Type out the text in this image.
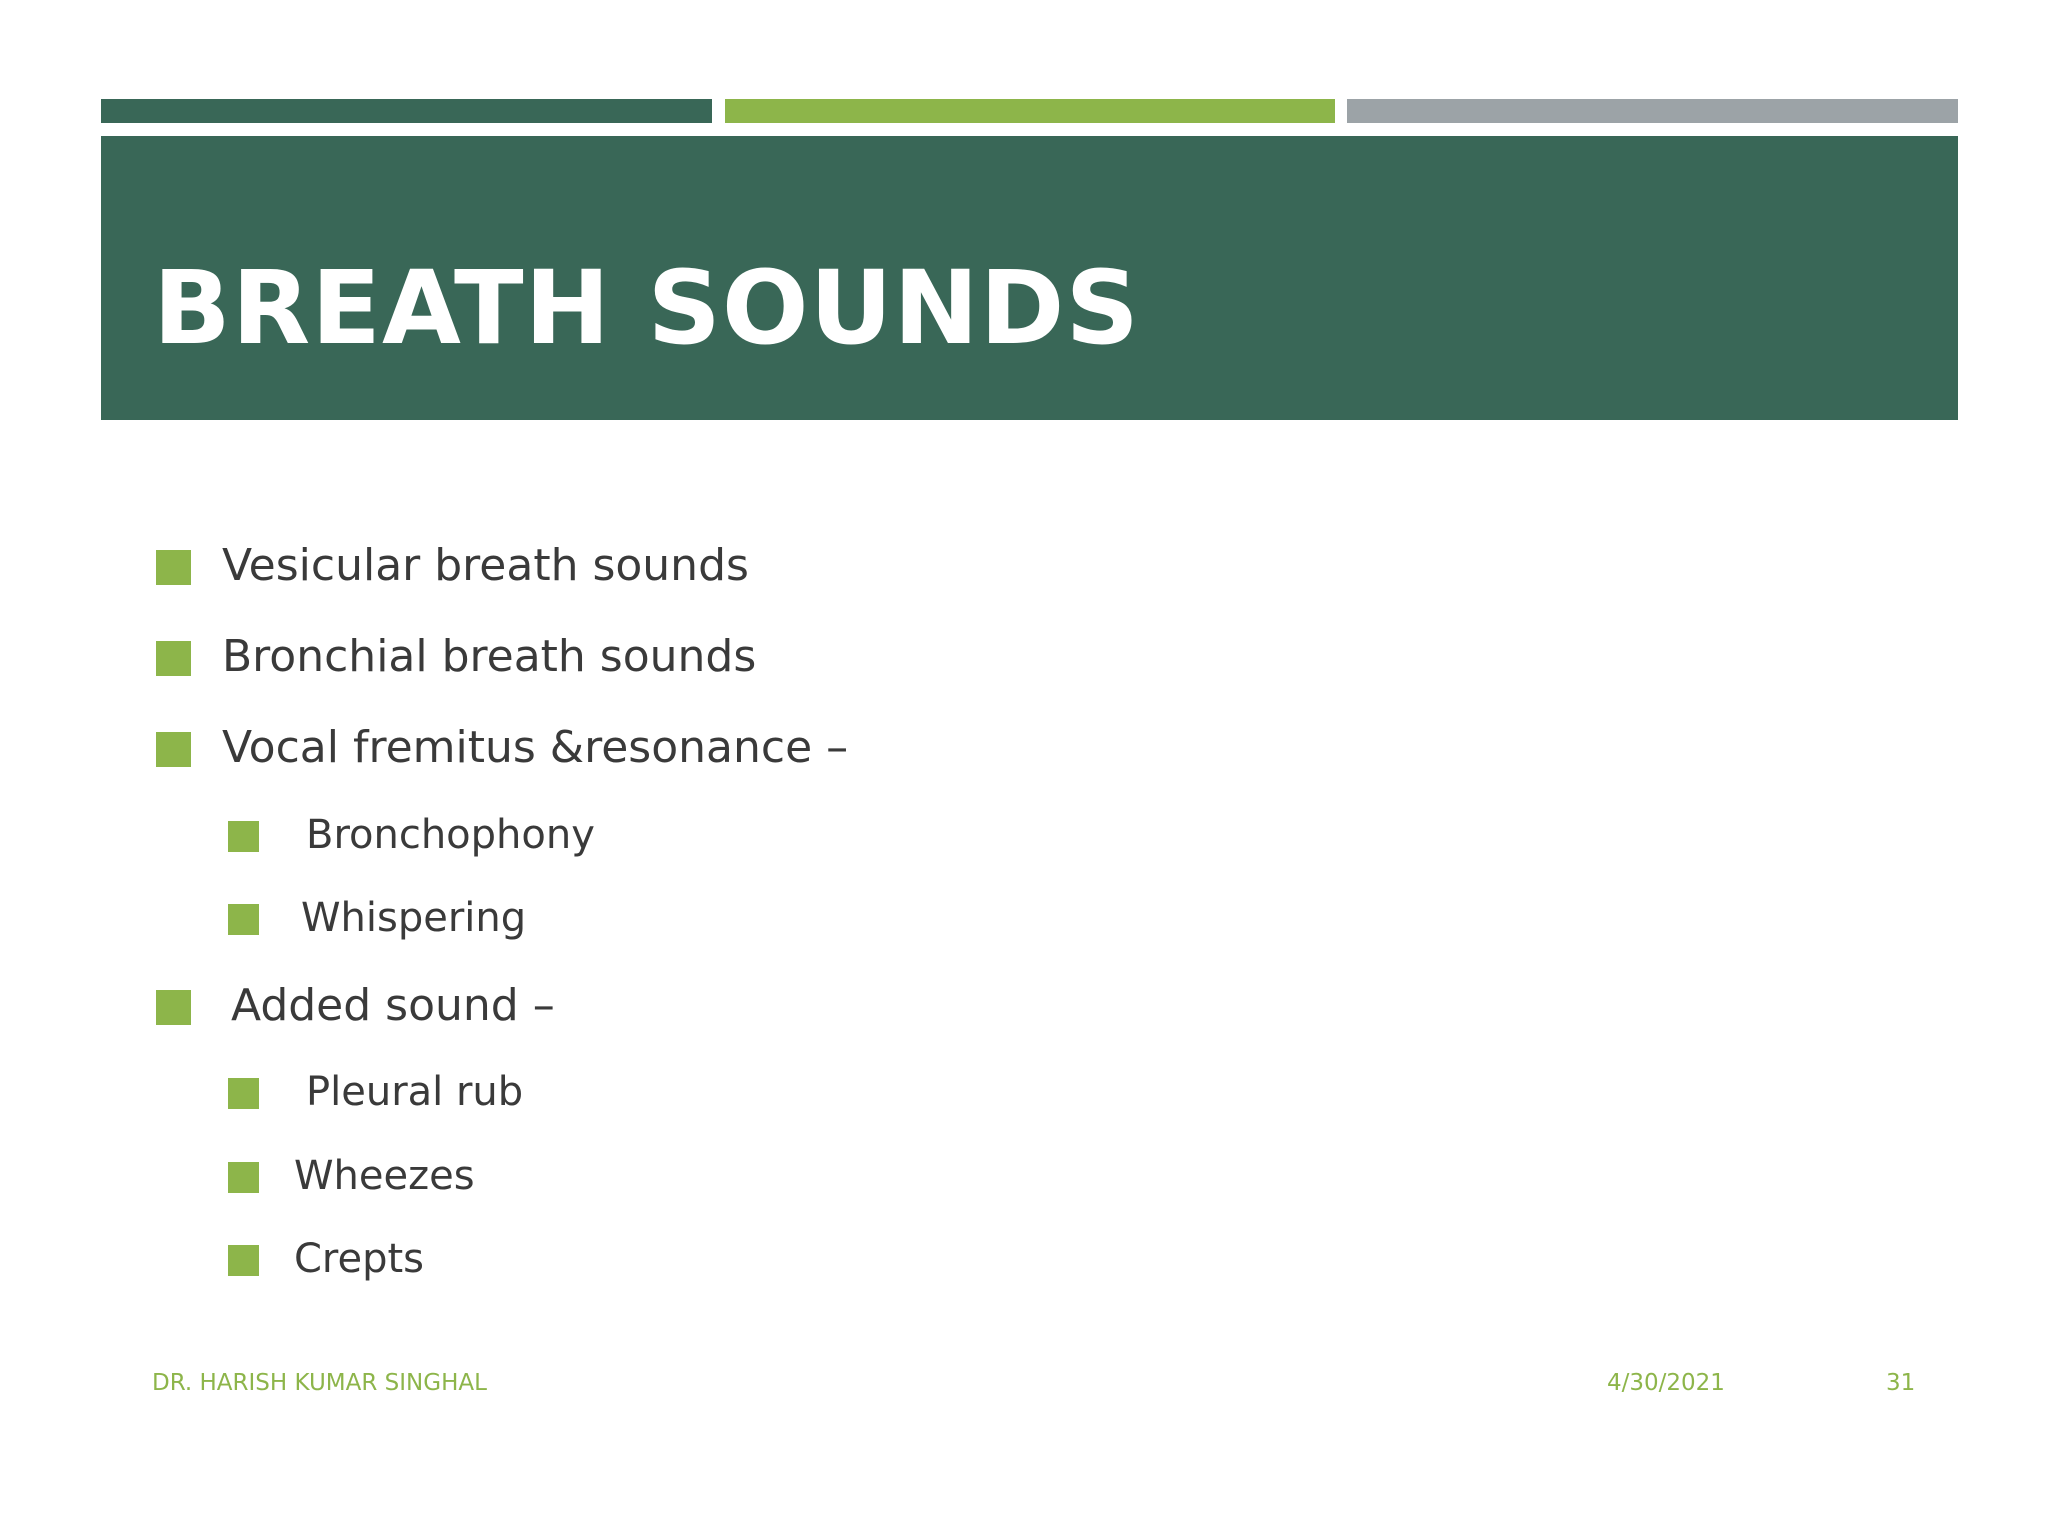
BREATH SOUNDS
Vesicular breath sounds
Bronchial breath sounds
Vocal fremitus &resonance –
Bronchophony
Whispering
Added sound –
Pleural rub
Wheezes
Crepts
DR. HARISH KUMAR SINGHAL	4/30/2021	31
